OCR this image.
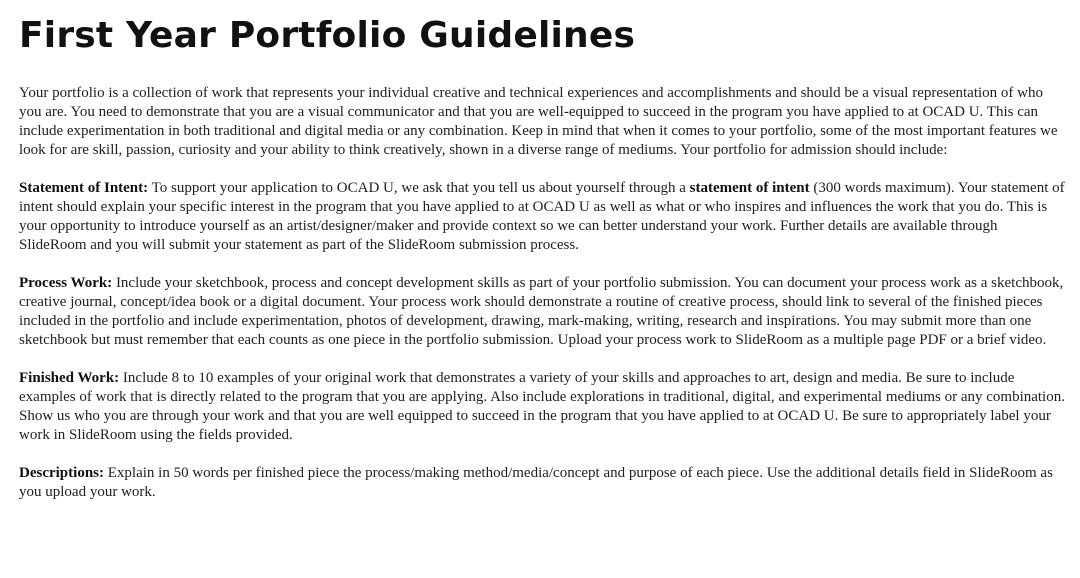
First Year Portfolio Guidelines

Your portfolio is a collection of work that represents your individual creative and technical experiences and accomplishments and should be a visual representation of who you are. You need to demonstrate that you are a visual communicator and that you are well-equipped to succeed in the program you have applied to at OCAD U. This can include experimentation in both traditional and digital media or any combination. Keep in mind that when it comes to your portfolio, some of the most important features we look for are skill, passion, curiosity and your ability to think creatively, shown in a diverse range of mediums. Your portfolio for admission should include:

Statement of Intent: To support your application to OCAD U, we ask that you tell us about yourself through a statement of intent (300 words maximum). Your statement of intent should explain your specific interest in the program that you have applied to at OCAD U as well as what or who inspires and influences the work that you do. This is your opportunity to introduce yourself as an artist/designer/maker and provide context so we can better understand your work. Further details are available through SlideRoom and you will submit your statement as part of the SlideRoom submission process.

Process Work: Include your sketchbook, process and concept development skills as part of your portfolio submission. You can document your process work as a sketchbook, creative journal, concept/idea book or a digital document. Your process work should demonstrate a routine of creative process, should link to several of the finished pieces included in the portfolio and include experimentation, photos of development, drawing, mark-making, writing, research and inspirations. You may submit more than one sketchbook but must remember that each counts as one piece in the portfolio submission. Upload your process work to SlideRoom as a multiple page PDF or a brief video.

Finished Work: Include 8 to 10 examples of your original work that demonstrates a variety of your skills and approaches to art, design and media. Be sure to include examples of work that is directly related to the program that you are applying. Also include explorations in traditional, digital, and experimental mediums or any combination. Show us who you are through your work and that you are well equipped to succeed in the program that you have applied to at OCAD U. Be sure to appropriately label your work in SlideRoom using the fields provided.

Descriptions: Explain in 50 words per finished piece the process/making method/media/concept and purpose of each piece. Use the additional details field in SlideRoom as you upload your work.
